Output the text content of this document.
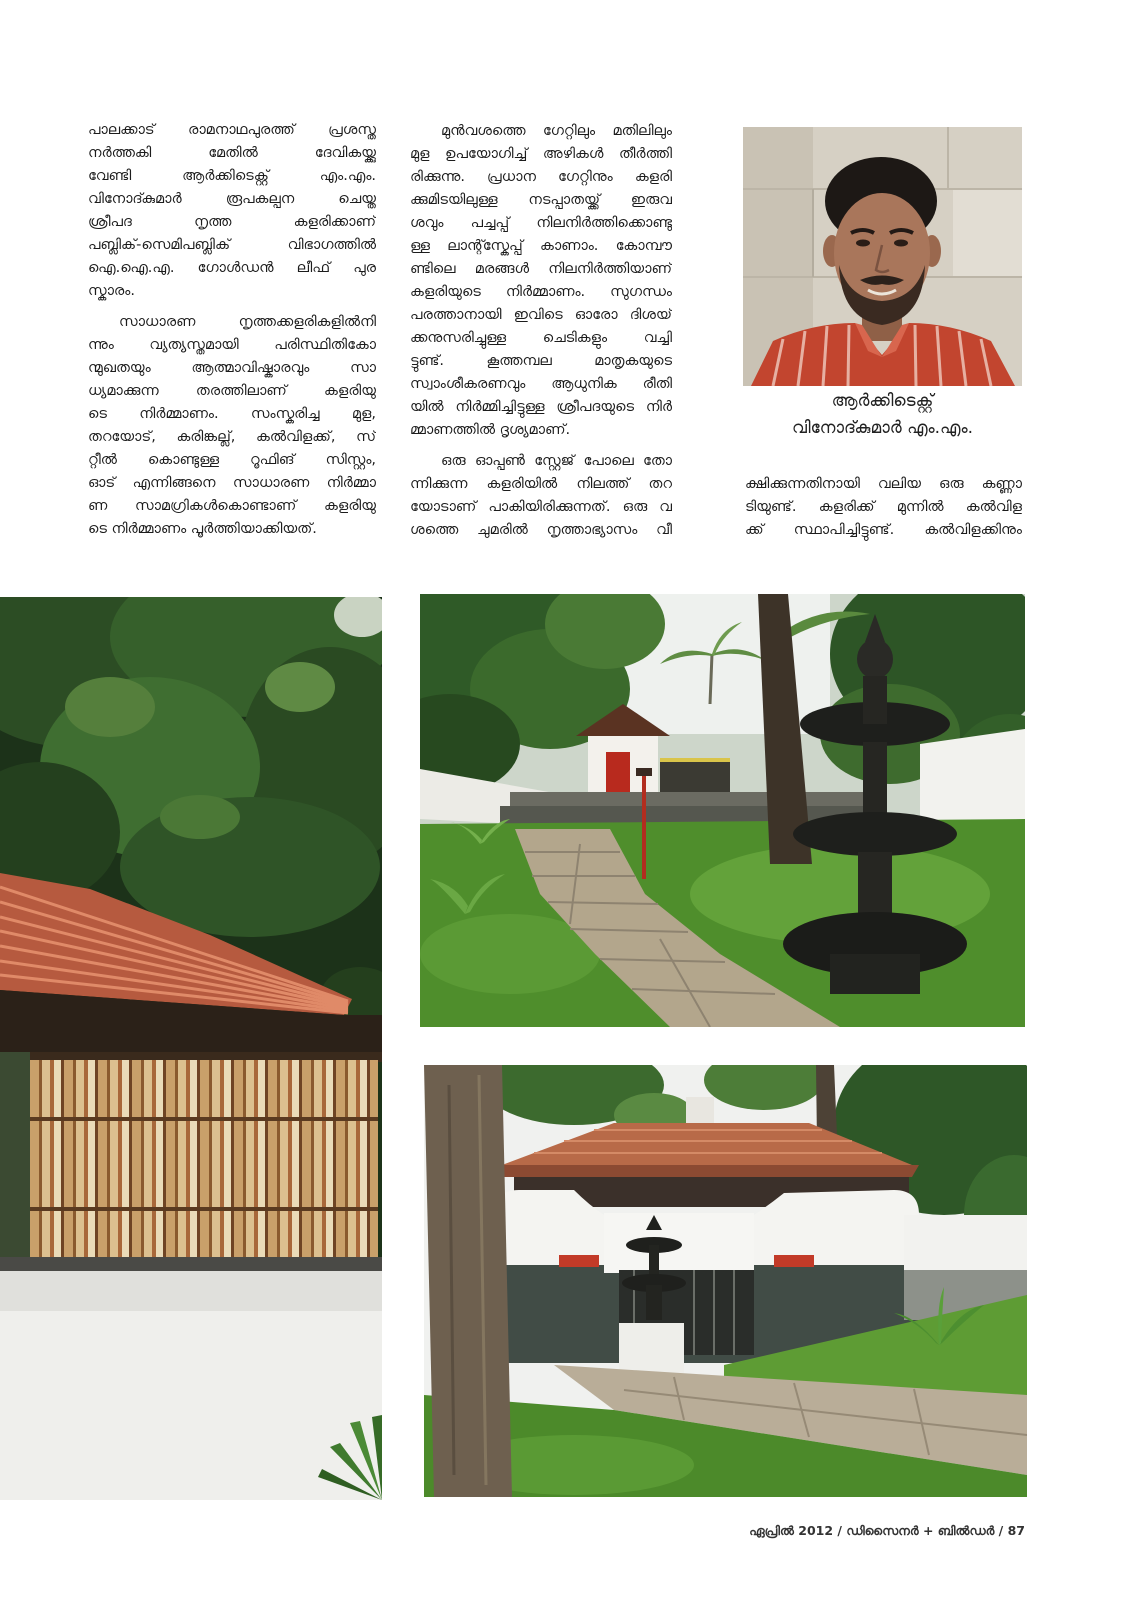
പാലക്കാട് രാമനാഥപുരത്ത് പ്രശസ്ത
നർത്തകി മേതിൽ ദേവികയ്ക്കു
വേണ്ടി ആർക്കിടെക്റ്റ് എം.എം.
വിനോദ്കുമാർ രൂപകല്പന ചെയ്ത
ശ്രീപദ നൃത്ത കളരിക്കാണ്
പബ്ലിക്-സെമിപബ്ലിക് വിഭാഗത്തിൽ
ഐ.ഐ.എ. ഗോൾഡൻ ലീഫ് പുര
സ്കാരം.
സാധാരണ നൃത്തക്കളരികളിൽനി
ന്നും വ്യത്യസ്തമായി പരിസ്ഥിതികോ
ന്മുഖതയും ആത്മാവിഷ്കാരവും സാ
ധ്യമാക്കുന്ന തരത്തിലാണ് കളരിയു
ടെ നിർമ്മാണം. സംസ്കരിച്ച മുള,
തറയോട്, കരിങ്കല്ല്, കൽവിളക്ക്, സ്
റ്റീൽ കൊണ്ടുള്ള റൂഫിങ് സിസ്റ്റം,
ഓട് എന്നിങ്ങനെ സാധാരണ നിർമ്മാ
ണ സാമഗ്രികൾകൊണ്ടാണ് കളരിയു
ടെ നിർമ്മാണം പൂർത്തിയാക്കിയത്.
മുൻവശത്തെ ഗേറ്റിലും മതിലിലും
മുള ഉപയോഗിച്ച് അഴികൾ തീർത്തി
രിക്കുന്നു. പ്രധാന ഗേറ്റിനും കളരി
ക്കുമിടയിലുള്ള നടപ്പാതയ്ക്ക് ഇരുവ
ശവും പച്ചപ്പ് നിലനിർത്തിക്കൊണ്ടു
ള്ള ലാന്റ്സ്കേപ്പ് കാണാം. കോമ്പൗ
ണ്ടിലെ മരങ്ങൾ നിലനിർത്തിയാണ്
കളരിയുടെ നിർമ്മാണം. സുഗന്ധം
പരത്താനായി ഇവിടെ ഓരോ ദിശയ്
ക്കനുസരിച്ചുള്ള ചെടികളും വച്ചി
ട്ടുണ്ട്. കൂത്തമ്പല മാതൃകയുടെ
സ്വാംശീകരണവും ആധുനിക രീതി
യിൽ നിർമ്മിച്ചിട്ടുള്ള ശ്രീപദയുടെ നിർ
മ്മാണത്തിൽ ദൃശ്യമാണ്.
ഒരു ഓപ്പൺ സ്റ്റേജ് പോലെ തോ
ന്നിക്കുന്ന കളരിയിൽ നിലത്ത് തറ
യോടാണ് പാകിയിരിക്കുന്നത്. ഒരു വ
ശത്തെ ചുമരിൽ നൃത്താഭ്യാസം വീ
ക്ഷിക്കുന്നതിനായി വലിയ ഒരു കണ്ണാ
ടിയുണ്ട്. കളരിക്ക് മുന്നിൽ കൽവിള
ക്ക് സ്ഥാപിച്ചിട്ടുണ്ട്. കൽവിളക്കിനും
ആർക്കിടെക്റ്റ്
വിനോദ്കുമാർ എം.എം.
ഏപ്രിൽ 2012 / ഡിസൈനർ + ബിൽഡർ / 87
